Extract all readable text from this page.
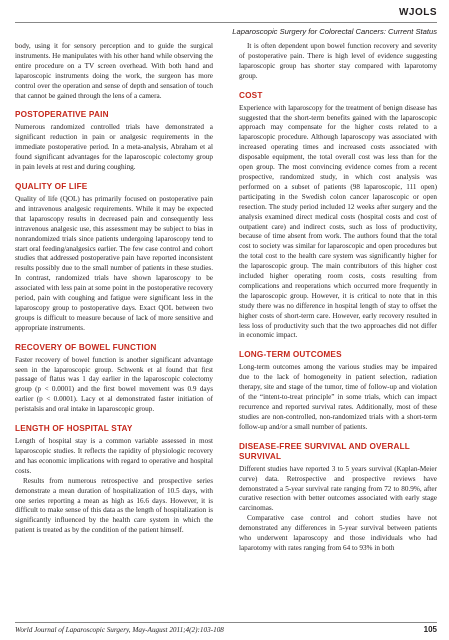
WJOLS
Laparoscopic Surgery for Colorectal Cancers: Current Status

body, using it for sensory perception and to guide the surgical instruments. He manipulates with his other hand while observing the entire procedure on a TV screen overhead. With both hand and laparoscopic instruments doing the work, the surgeon has more control over the operation and sense of depth and sensation of touch that cannot be gained through the lens of a camera.

POSTOPERATIVE PAIN

Numerous randomized controlled trials have demonstrated a significant reduction in pain or analgesic requirements in the immediate postoperative period. In a meta-analysis, Abraham et al found significant advantages for the laparoscopic colectomy group in pain levels at rest and during coughing.

QUALITY OF LIFE

Quality of life (QOL) has primarily focused on postoperative pain and intravenous analgesic requirements. While it may be expected that laparoscopy results in decreased pain and consequently less intravenous analgesic use, this assessment may be subject to bias in nonrandomized trials since patients undergoing laparoscopy tend to start oral feeding/analgesics earlier. The few case control and cohort studies that addressed postoperative pain have reported inconsistent results possibly due to the small number of patients in these studies. In contrast, randomized trials have shown laparoscopy to be associated with less pain at some point in the postoperative recovery period, pain with coughing and fatigue were significant less in the laparoscopy group to postoperative days. Exact QOL between two groups is difficult to measure because of lack of more sensitive and appropriate instruments.

RECOVERY OF BOWEL FUNCTION

Faster recovery of bowel function is another significant advantage seen in the laparoscopic group. Schwenk et al found that first passage of flatus was 1 day earlier in the laparoscopic colectomy group (p < 0.0001) and the first bowel movement was 0.9 days earlier (p < 0.0001). Lacy et al demonstrated faster initiation of peristalsis and oral intake in laparoscopic group.

LENGTH OF HOSPITAL STAY

Length of hospital stay is a common variable assessed in most laparoscopic studies. It reflects the rapidity of physiologic recovery and has economic implications with regard to operative and hospital costs.

Results from numerous retrospective and prospective series demonstrate a mean duration of hospitalization of 10.5 days, with one series reporting a mean as high as 16.6 days. However, it is difficult to make sense of this data as the length of hospitalization is significantly influenced by the health care system in which the patient is treated as by the condition of the patient himself.

It is often dependent upon bowel function recovery and severity of postoperative pain. There is high level of evidence suggesting laparoscopic group has shorter stay compared with laparotomy group.

COST

Experience with laparoscopy for the treatment of benign disease has suggested that the short-term benefits gained with the laparoscopic approach may compensate for the higher costs related to a laparoscopic procedure. Although laparoscopy was associated with increased operating times and increased costs associated with disposable equipment, the total overall cost was less than for the open group. The most convincing evidence comes from a recent prospective, randomized study, in which cost analysis was performed on a subset of patients (98 laparoscopic, 111 open) participating in the Swedish colon cancer laparoscopic or open resection. The study period included 12 weeks after surgery and the analysis examined direct medical costs (hospital costs and cost of outpatient care) and indirect costs, such as loss of productivity, because of time absent from work. The authors found that the total cost to society was similar for laparoscopic and open procedures but the total cost to the health care system was significantly higher for the laparoscopic group. The main contributors of this higher cost included higher operating room costs, costs resulting from complications and reoperations which occurred more frequently in the laparoscopic group. However, it is critical to note that in this study there was no difference in hospital length of stay to offset the higher costs of short-term care. However, early recovery resulted in less loss of productivity such that the two approaches did not differ in economic impact.

LONG-TERM OUTCOMES

Long-term outcomes among the various studies may be impaired due to the lack of homogeneity in patient selection, radiation therapy, site and stage of the tumor, time of follow-up and violation of the “intent-to-treat principle” in some trials, which can impact recurrence and reported survival rates. Additionally, most of these studies are non-controlled, non-randomized trials with a short-term follow-up and/or a small number of patients.

DISEASE-FREE SURVIVAL AND OVERALL SURVIVAL

Different studies have reported 3 to 5 years survival (Kaplan-Meier curve) data. Retrospective and prospective reviews have demonstrated a 5-year survival rate ranging from 72 to 80.9%, after curative resection with better outcomes associated with early stage carcinomas.

Comparative case control and cohort studies have not demonstrated any differences in 5-year survival between patients who underwent laparoscopy and those individuals who had laparotomy with rates ranging from 64 to 93% in both

World Journal of Laparoscopic Surgery, May-August 2011;4(2):103-108	105
